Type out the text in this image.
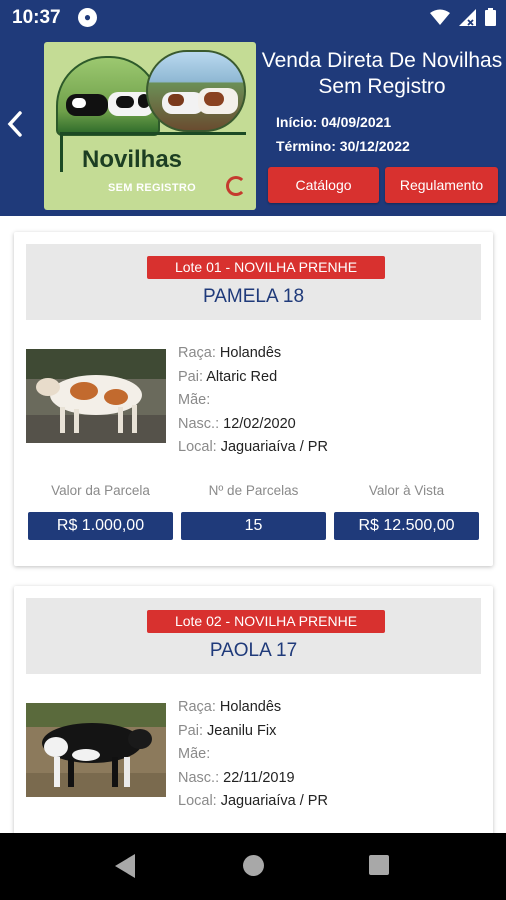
10:37	●
Novilhas
SEM REGISTRO
Venda Direta De Novilhas Sem Registro
Início: 04/09/2021
Término: 30/12/2022
Catálogo	Regulamento
Lote 01 - NOVILHA PRENHE
PAMELA 18
Raça: Holandês
Pai: Altaric Red
Mãe:
Nasc.: 12/02/2020
Local: Jaguariaíva / PR
Valor da Parcela	Nº de Parcelas	Valor à Vista
R$ 1.000,00	15	R$ 12.500,00
Lote 02 - NOVILHA PRENHE
PAOLA 17
Raça: Holandês
Pai: Jeanilu Fix
Mãe:
Nasc.: 22/11/2019
Local: Jaguariaíva / PR
